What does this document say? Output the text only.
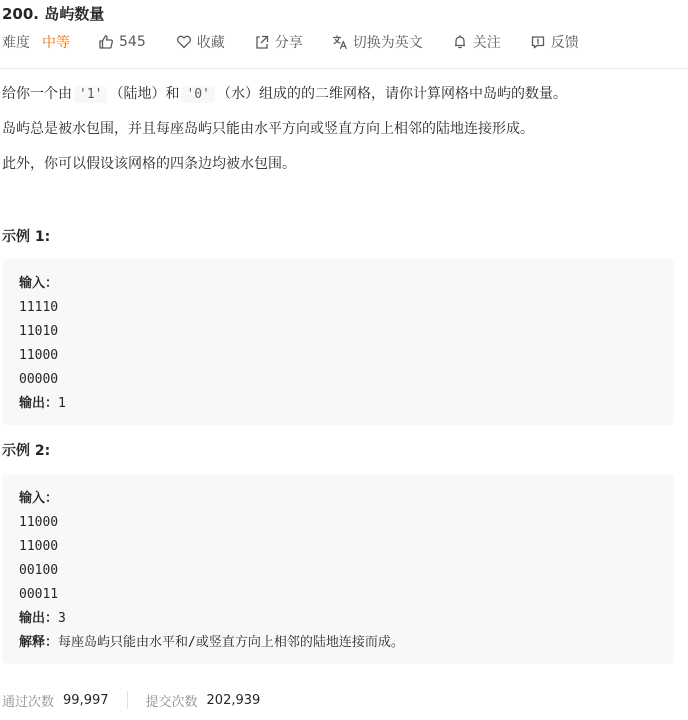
200. 岛屿数量
难度 中等	545	收藏	分享	切换为英文	关注	反馈
给你一个由 '1' （陆地）和 '0' （水）组成的的二维网格，请你计算网格中岛屿的数量。
岛屿总是被水包围，并且每座岛屿只能由水平方向或竖直方向上相邻的陆地连接形成。
此外，你可以假设该网格的四条边均被水包围。
示例 1:
输入：
11110
11010
11000
00000
输出：1
示例 2:
输入：
11000
11000
00100
00011
输出：3
解释：每座岛屿只能由水平和/或竖直方向上相邻的陆地连接而成。
通过次数 99,997	提交次数 202,939
